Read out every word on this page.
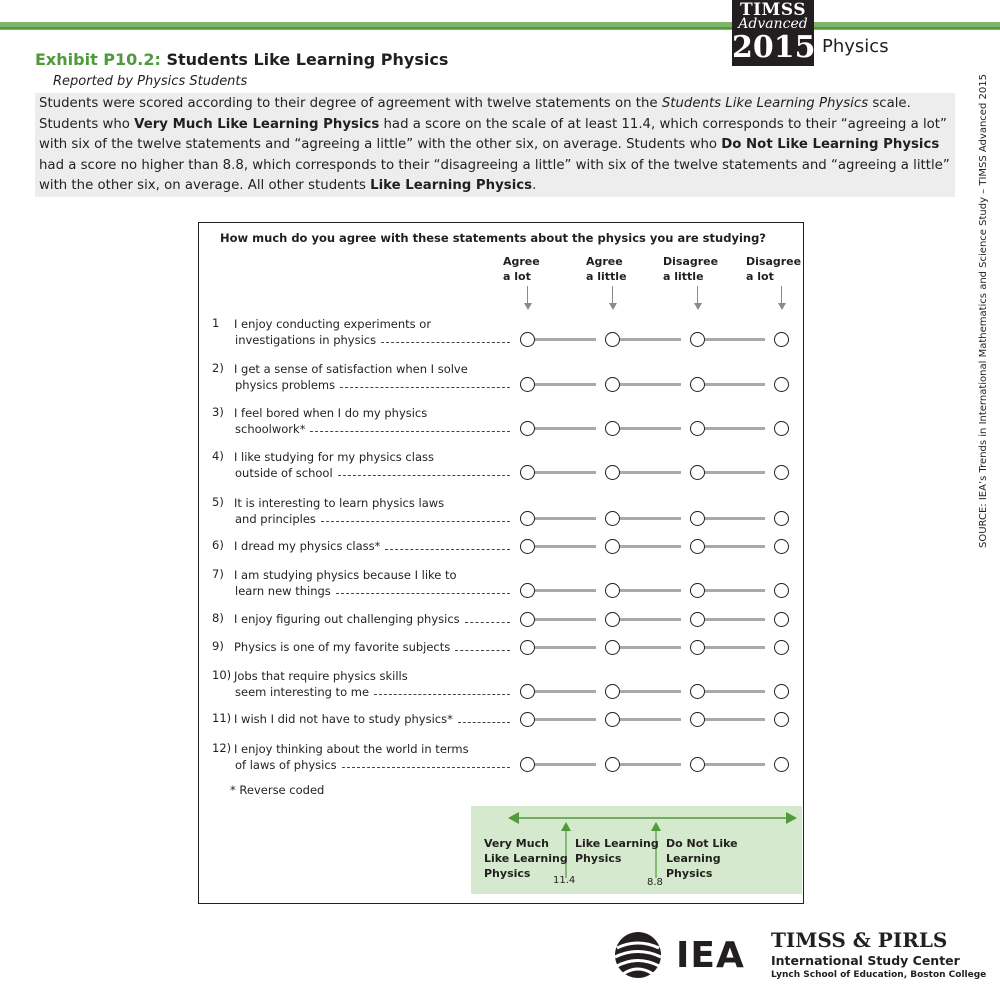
TIMSS
Advanced
2015 Physics
Exhibit P10.2: Students Like Learning Physics
Reported by Physics Students
Students were scored according to their degree of agreement with twelve statements on the Students Like Learning Physics scale. Students who Very Much Like Learning Physics had a score on the scale of at least 11.4, which corresponds to their “agreeing a lot” with six of the twelve statements and “agreeing a little” with the other six, on average. Students who Do Not Like Learning Physics had a score no higher than 8.8, which corresponds to their “disagreeing a little” with six of the twelve statements and “agreeing a little” with the other six, on average. All other students Like Learning Physics.	SOURCE: IEA’s Trends in International Mathematics and Science Study – TIMSS Advanced 2015
How much do you agree with these statements about the physics you are studying?
Agree
a lot
Agree
a little
Disagree
a little
Disagree
a lot
1 I enjoy conducting experiments or
investigations in physics
2) I get a sense of satisfaction when I solve
physics problems
3) I feel bored when I do my physics
schoolwork*
4) I like studying for my physics class
outside of school
5) It is interesting to learn physics laws
and principles
6) I dread my physics class*
7) I am studying physics because I like to
learn new things
8) I enjoy figuring out challenging physics
9) Physics is one of my favorite subjects
10) Jobs that require physics skills
seem interesting to me
11) I wish I did not have to study physics*
12) I enjoy thinking about the world in terms
of laws of physics
* Reverse coded
Very Much
Like Learning
Physics
Like Learning
Physics
Do Not Like
Learning
Physics
11.4	8.8
IEA TIMSS & PIRLS
International Study Center
Lynch School of Education, Boston College
